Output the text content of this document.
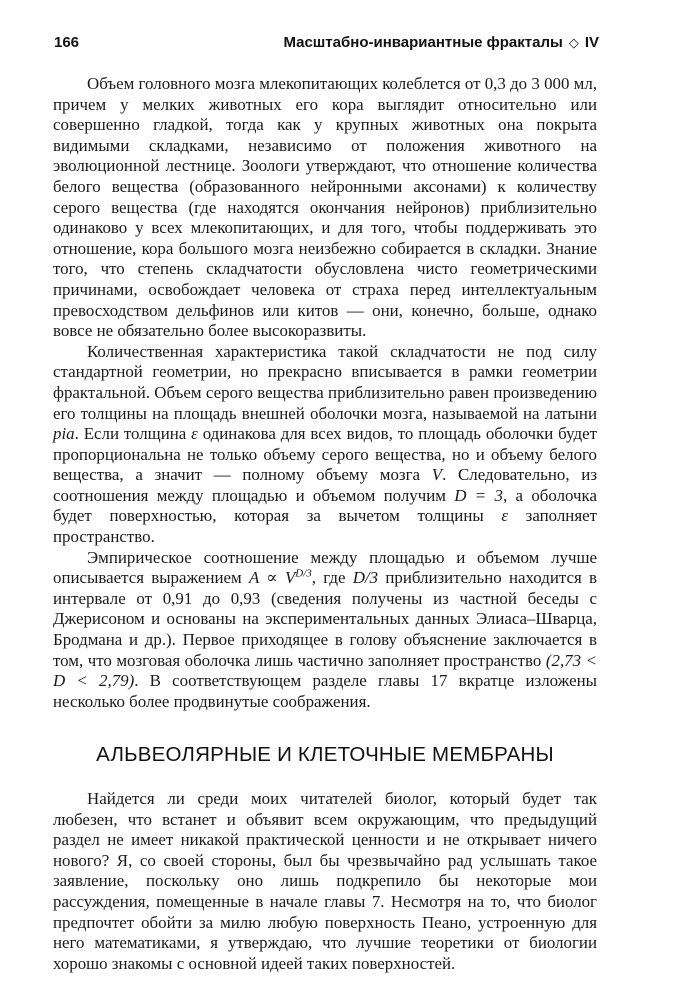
166	Масштабно-инвариантные фракталы ◇ IV

Объем головного мозга млекопитающих колеблется от 0,3 до 3 000 мл, причем у мелких животных его кора выглядит относительно или совершенно гладкой, тогда как у крупных животных она покрыта видимыми складками, независимо от положения животного на эволюционной лестнице. Зоологи утверждают, что отношение количества белого вещества (образованного нейронными аксонами) к количеству серого вещества (где находятся окончания нейронов) приблизительно одинаково у всех млекопитающих, и для того, чтобы поддерживать это отношение, кора большого мозга неизбежно собирается в складки. Знание того, что степень складчатости обусловлена чисто геометрическими причинами, освобождает человека от страха перед интеллектуальным превосходством дельфинов или китов — они, конечно, больше, однако вовсе не обязательно более высокоразвиты.

Количественная характеристика такой складчатости не под силу стандартной геометрии, но прекрасно вписывается в рамки геометрии фрактальной. Объем серого вещества приблизительно равен произведению его толщины на площадь внешней оболочки мозга, называемой на латыни pia. Если толщина ε одинакова для всех видов, то площадь оболочки будет пропорциональна не только объему серого вещества, но и объему белого вещества, а значит — полному объему мозга V. Следовательно, из соотношения между площадью и объемом получим D = 3, а оболочка будет поверхностью, которая за вычетом толщины ε заполняет пространство.

Эмпирическое соотношение между площадью и объемом лучше описывается выражением $A \propto V^{D/3}$, где D/3 приблизительно находится в интервале от 0,91 до 0,93 (сведения получены из частной беседы с Джерисоном и основаны на экспериментальных данных Элиаса–Шварца, Бродмана и др.). Первое приходящее в голову объяснение заключается в том, что мозговая оболочка лишь частично заполняет пространство (2,73 < D < 2,79). В соответствующем разделе главы 17 вкратце изложены несколько более продвинутые соображения.

АЛЬВЕОЛЯРНЫЕ И КЛЕТОЧНЫЕ МЕМБРАНЫ

Найдется ли среди моих читателей биолог, который будет так любезен, что встанет и объявит всем окружающим, что предыдущий раздел не имеет никакой практической ценности и не открывает ничего нового? Я, со своей стороны, был бы чрезвычайно рад услышать такое заявление, поскольку оно лишь подкрепило бы некоторые мои рассуждения, помещенные в начале главы 7. Несмотря на то, что биолог предпочтет обойти за милю любую поверхность Пеано, устроенную для него математиками, я утверждаю, что лучшие теоретики от биологии хорошо знакомы с основной идеей таких поверхностей.
